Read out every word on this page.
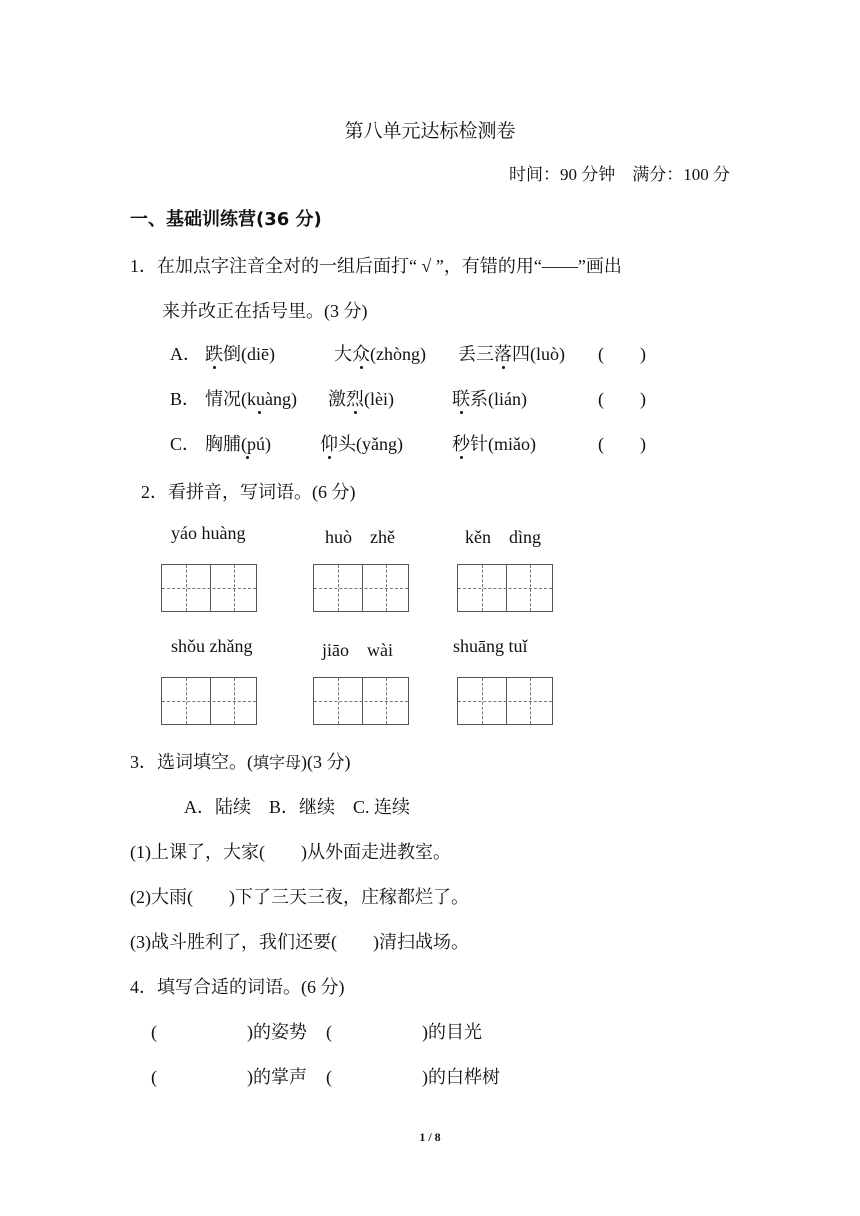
第八单元达标检测卷
时间：90 分钟　满分：100 分
一、基础训练营(36 分)
1．在加点字注音全对的一组后面打“ √ ”，有错的用“——”画出
来并改正在括号里。(3 分)
A． 跌倒(diē)	大众(zhòng) 丢三落四(luò) (　　)
B． 情况(kuàng) 激烈(lèi)	联系(lián)	(　　)
C． 胸脯(pú)	仰头(yǎng)	秒针(miǎo)	(　　)
2．看拼音，写词语。(6 分)
yáo huàng	huò　zhě	kěn　dìng
shǒu zhǎng	jiāo　wài	shuāng tuǐ
3．选词填空。(填字母)(3 分)
A．陆续　B．继续　C. 连续
(1)上课了，大家(　　)从外面走进教室。
(2)大雨(　　)下了三天三夜，庄稼都烂了。
(3)战斗胜利了，我们还要(　　)清扫战场。
4．填写合适的词语。(6 分)
(　　　　　)的姿势 (　　　　　)的目光
(　　　　　)的掌声 (　　　　　)的白桦树
1 / 8
